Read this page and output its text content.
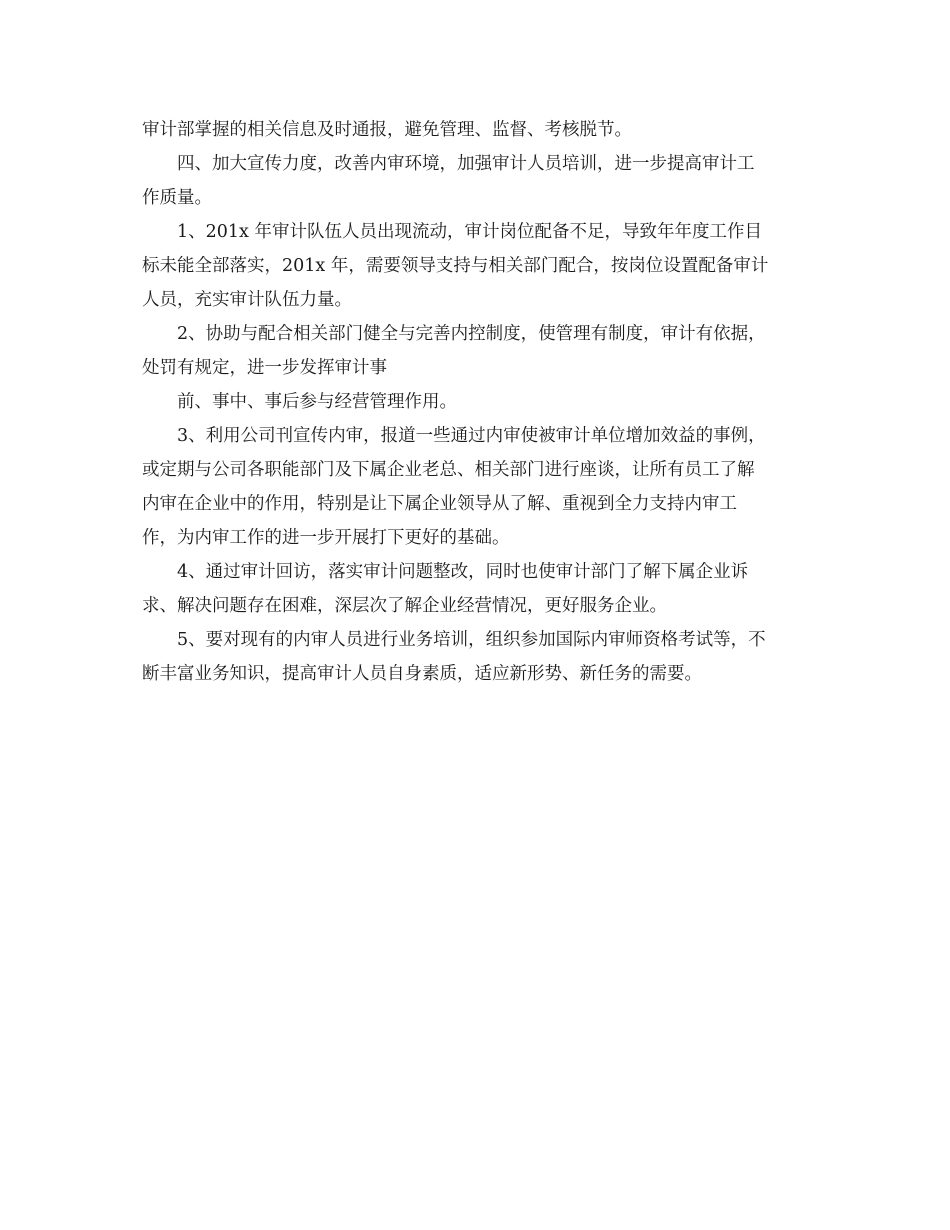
审计部掌握的相关信息及时通报，避免管理、监督、考核脱节。

四、加大宣传力度，改善内审环境，加强审计人员培训，进一步提高审计工

作质量。

1、201x 年审计队伍人员出现流动，审计岗位配备不足，导致年年度工作目

标未能全部落实，201x 年，需要领导支持与相关部门配合，按岗位设置配备审计

人员，充实审计队伍力量。

2、协助与配合相关部门健全与完善内控制度，使管理有制度，审计有依据，

处罚有规定，进一步发挥审计事

前、事中、事后参与经营管理作用。

3、利用公司刊宣传内审，报道一些通过内审使被审计单位增加效益的事例，

或定期与公司各职能部门及下属企业老总、相关部门进行座谈，让所有员工了解

内审在企业中的作用，特别是让下属企业领导从了解、重视到全力支持内审工

作，为内审工作的进一步开展打下更好的基础。

4、通过审计回访，落实审计问题整改，同时也使审计部门了解下属企业诉

求、解决问题存在困难，深层次了解企业经营情况，更好服务企业。

5、要对现有的内审人员进行业务培训，组织参加国际内审师资格考试等，不

断丰富业务知识，提高审计人员自身素质，适应新形势、新任务的需要。
